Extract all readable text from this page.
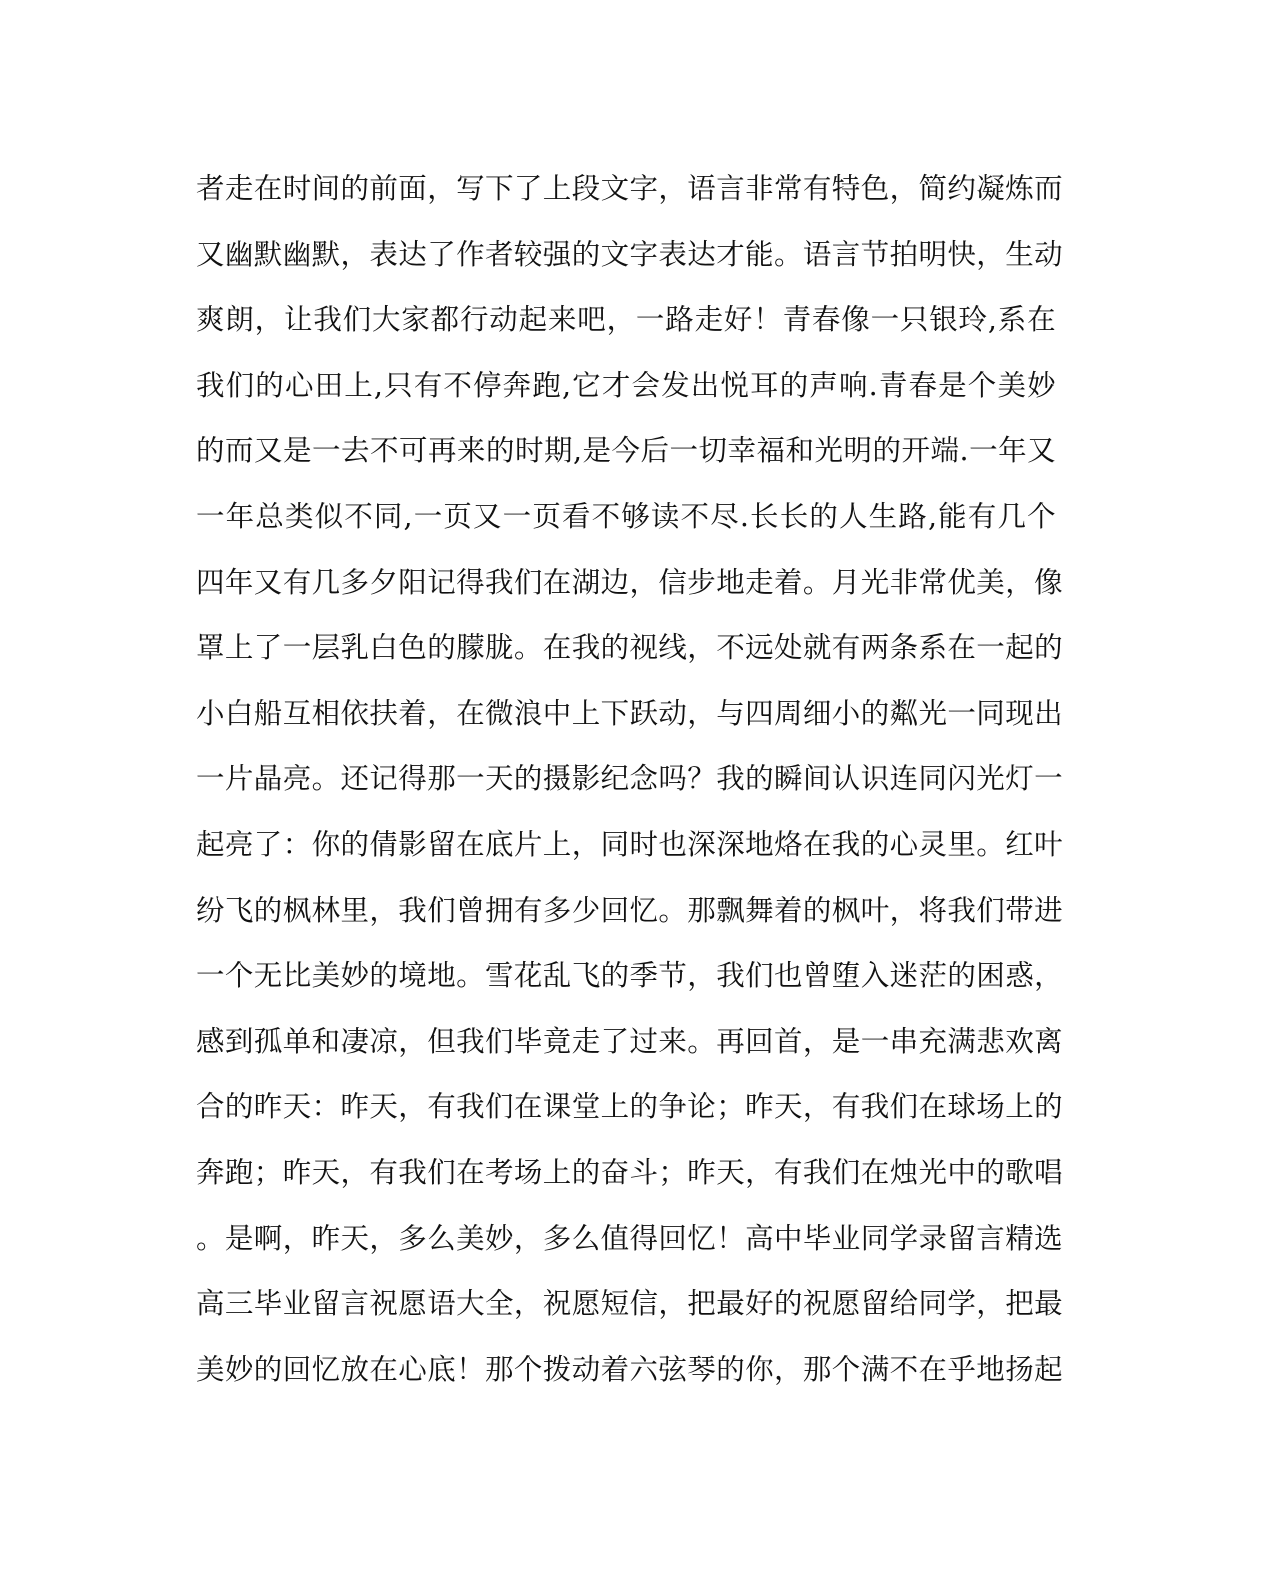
者走在时间的前面，写下了上段文字，语言非常有特色，简约凝炼而
又幽默幽默，表达了作者较强的文字表达才能。语言节拍明快，生动
爽朗，让我们大家都行动起来吧，一路走好！青春像一只银玲,系在
我们的心田上,只有不停奔跑,它才会发出悦耳的声响.青春是个美妙
的而又是一去不可再来的时期,是今后一切幸福和光明的开端.一年又
一年总类似不同,一页又一页看不够读不尽.长长的人生路,能有几个
四年又有几多夕阳记得我们在湖边，信步地走着。月光非常优美，像
罩上了一层乳白色的朦胧。在我的视线，不远处就有两条系在一起的
小白船互相依扶着，在微浪中上下跃动，与四周细小的粼光一同现出
一片晶亮。还记得那一天的摄影纪念吗？我的瞬间认识连同闪光灯一
起亮了：你的倩影留在底片上，同时也深深地烙在我的心灵里。红叶
纷飞的枫林里，我们曾拥有多少回忆。那飘舞着的枫叶，将我们带进
一个无比美妙的境地。雪花乱飞的季节，我们也曾堕入迷茫的困惑，
感到孤单和凄凉，但我们毕竟走了过来。再回首，是一串充满悲欢离
合的昨天：昨天，有我们在课堂上的争论；昨天，有我们在球场上的
奔跑；昨天，有我们在考场上的奋斗；昨天，有我们在烛光中的歌唱
。是啊，昨天，多么美妙，多么值得回忆！高中毕业同学录留言精选
高三毕业留言祝愿语大全，祝愿短信，把最好的祝愿留给同学，把最
美妙的回忆放在心底！那个拨动着六弦琴的你，那个满不在乎地扬起
